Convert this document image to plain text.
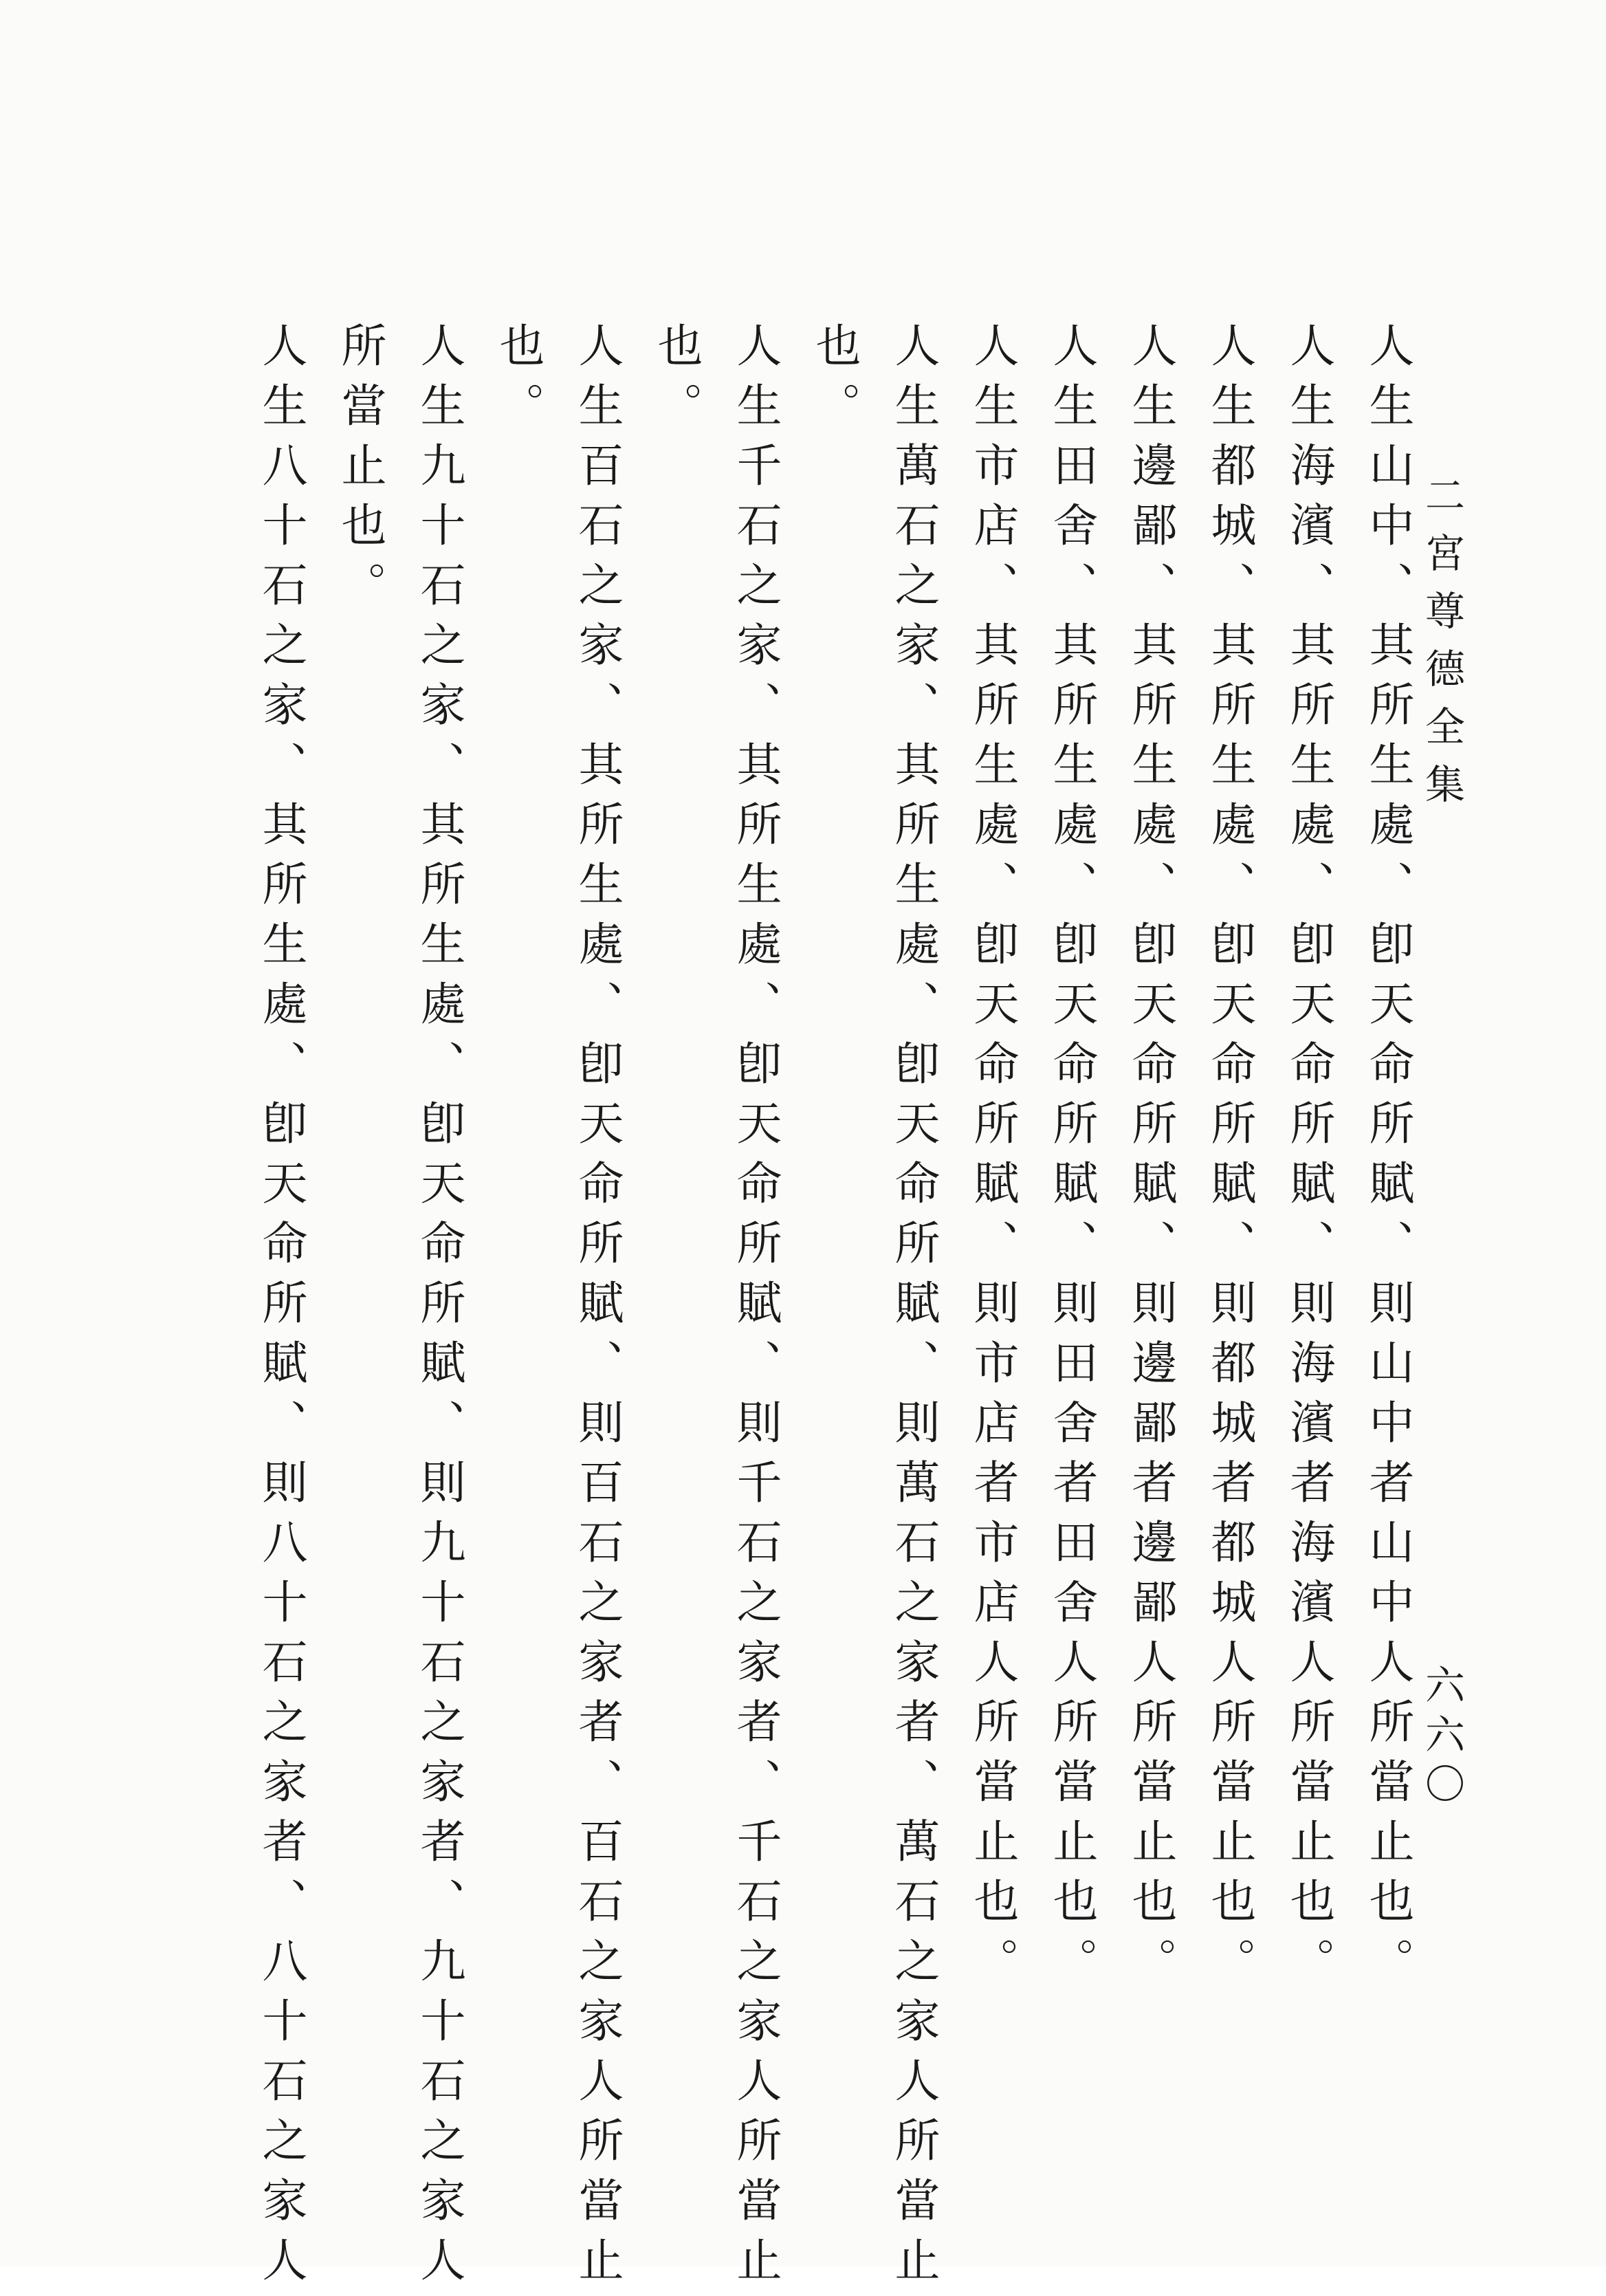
二宮尊德全集
六六〇
人生山中、其所生處、卽天命所賦、則山中者山中人所當止也。
人生海濱、其所生處、卽天命所賦、則海濱者海濱人所當止也。
人生都城、其所生處、卽天命所賦、則都城者都城人所當止也。
人生邊鄙、其所生處、卽天命所賦、則邊鄙者邊鄙人所當止也。
人生田舍、其所生處、卽天命所賦、則田舍者田舍人所當止也。
人生市店、其所生處、卽天命所賦、則市店者市店人所當止也。
人生萬石之家、其所生處、卽天命所賦、則萬石之家者、萬石之家人所當止
也。
人生千石之家、其所生處、卽天命所賦、則千石之家者、千石之家人所當止
也。
人生百石之家、其所生處、卽天命所賦、則百石之家者、百石之家人所當止
也。
人生九十石之家、其所生處、卽天命所賦、則九十石之家者、九十石之家人
所當止也。
人生八十石之家、其所生處、卽天命所賦、則八十石之家者、八十石之家人
